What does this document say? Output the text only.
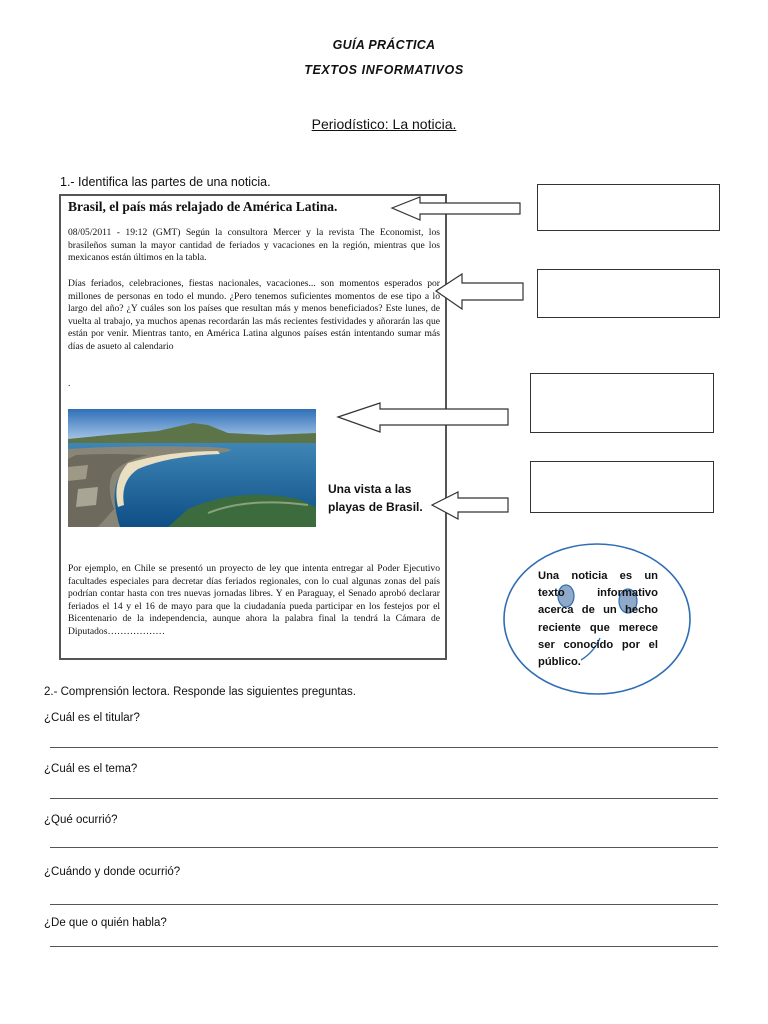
GUÍA PRÁCTICA
TEXTOS INFORMATIVOS
Periodístico: La noticia.
1.- Identifica las partes de una noticia.
Brasil, el país más relajado de América Latina.
08/05/2011 - 19:12 (GMT) Según la consultora Mercer y la revista The Economist, los brasileños suman la mayor cantidad de feriados y vacaciones en la región, mientras que los mexicanos están últimos en la tabla.
Días feriados, celebraciones, fiestas nacionales, vacaciones... son momentos esperados por millones de personas en todo el mundo. ¿Pero tenemos suficientes momentos de ese tipo a lo largo del año? ¿Y cuáles son los países que resultan más y menos beneficiados? Este lunes, de vuelta al trabajo, ya muchos apenas recordarán las más recientes festividades y añorarán las que están por venir. Mientras tanto, en América Latina algunos países están intentando sumar más días de asueto al calendario
.
Una vista a las playas de Brasil.
Por ejemplo, en Chile se presentó un proyecto de ley que intenta entregar al Poder Ejecutivo facultades especiales para decretar días feriados regionales, con lo cual algunas zonas del país podrían contar hasta con tres nuevas jornadas libres. Y en Paraguay, el Senado aprobó declarar feriados el 14 y el 16 de mayo para que la ciudadanía pueda participar en los festejos por el Bicentenario de la independencia, aunque ahora la palabra final la tendrá la Cámara de Diputados………………
Una noticia es un texto informativo acerca de un hecho reciente que merece ser conocido por el público.
2.- Comprensión lectora. Responde las siguientes preguntas.
¿Cuál es el titular?
¿Cuál es el tema?
¿Qué ocurrió?
¿Cuándo y donde ocurrió?
¿De que o quién habla?
